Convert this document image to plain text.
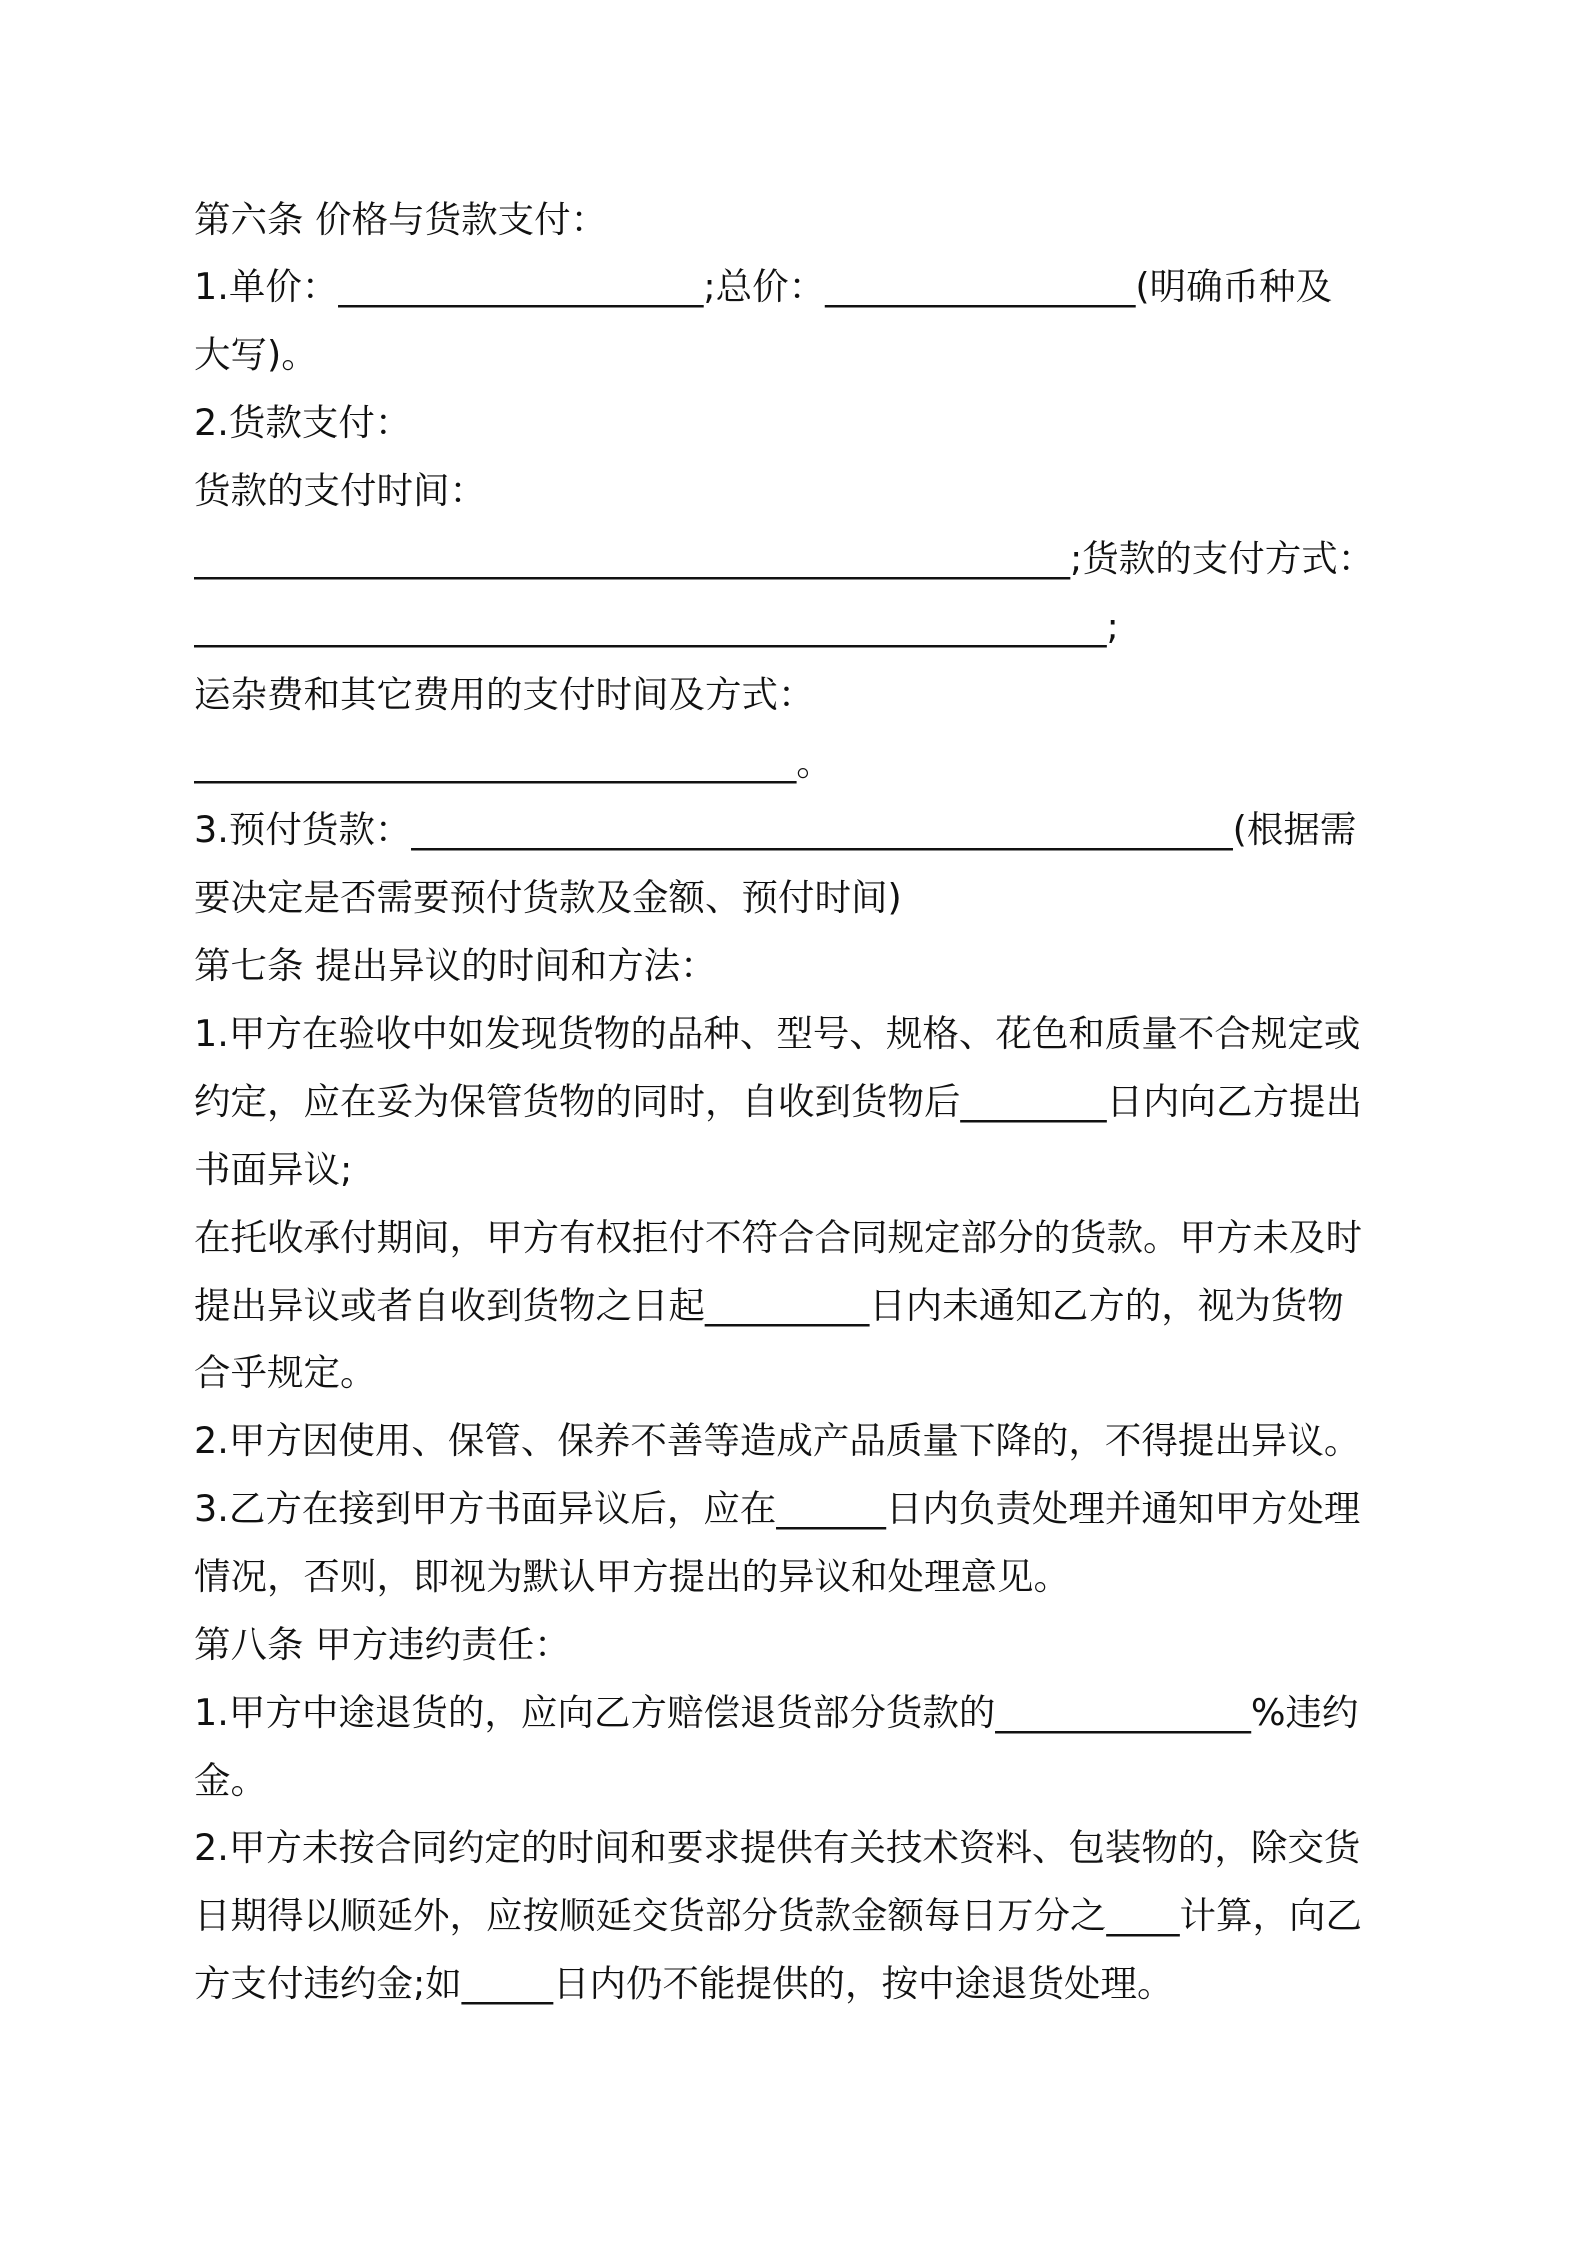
第六条 价格与货款支付：
1.单价：____________________;总价：_________________(明确币种及
大写)。
2.货款支付：
货款的支付时间：
________________________________________________;货款的支付方式：
__________________________________________________;
运杂费和其它费用的支付时间及方式：
_________________________________。
3.预付货款：_____________________________________________(根据需
要决定是否需要预付货款及金额、预付时间)
第七条 提出异议的时间和方法：
1.甲方在验收中如发现货物的品种、型号、规格、花色和质量不合规定或
约定，应在妥为保管货物的同时，自收到货物后________日内向乙方提出
书面异议;
在托收承付期间，甲方有权拒付不符合合同规定部分的货款。甲方未及时
提出异议或者自收到货物之日起_________日内未通知乙方的，视为货物
合乎规定。
2.甲方因使用、保管、保养不善等造成产品质量下降的，不得提出异议。
3.乙方在接到甲方书面异议后，应在______日内负责处理并通知甲方处理
情况，否则，即视为默认甲方提出的异议和处理意见。
第八条 甲方违约责任：
1.甲方中途退货的，应向乙方赔偿退货部分货款的______________%违约
金。
2.甲方未按合同约定的时间和要求提供有关技术资料、包装物的，除交货
日期得以顺延外，应按顺延交货部分货款金额每日万分之____计算，向乙
方支付违约金;如_____日内仍不能提供的，按中途退货处理。
